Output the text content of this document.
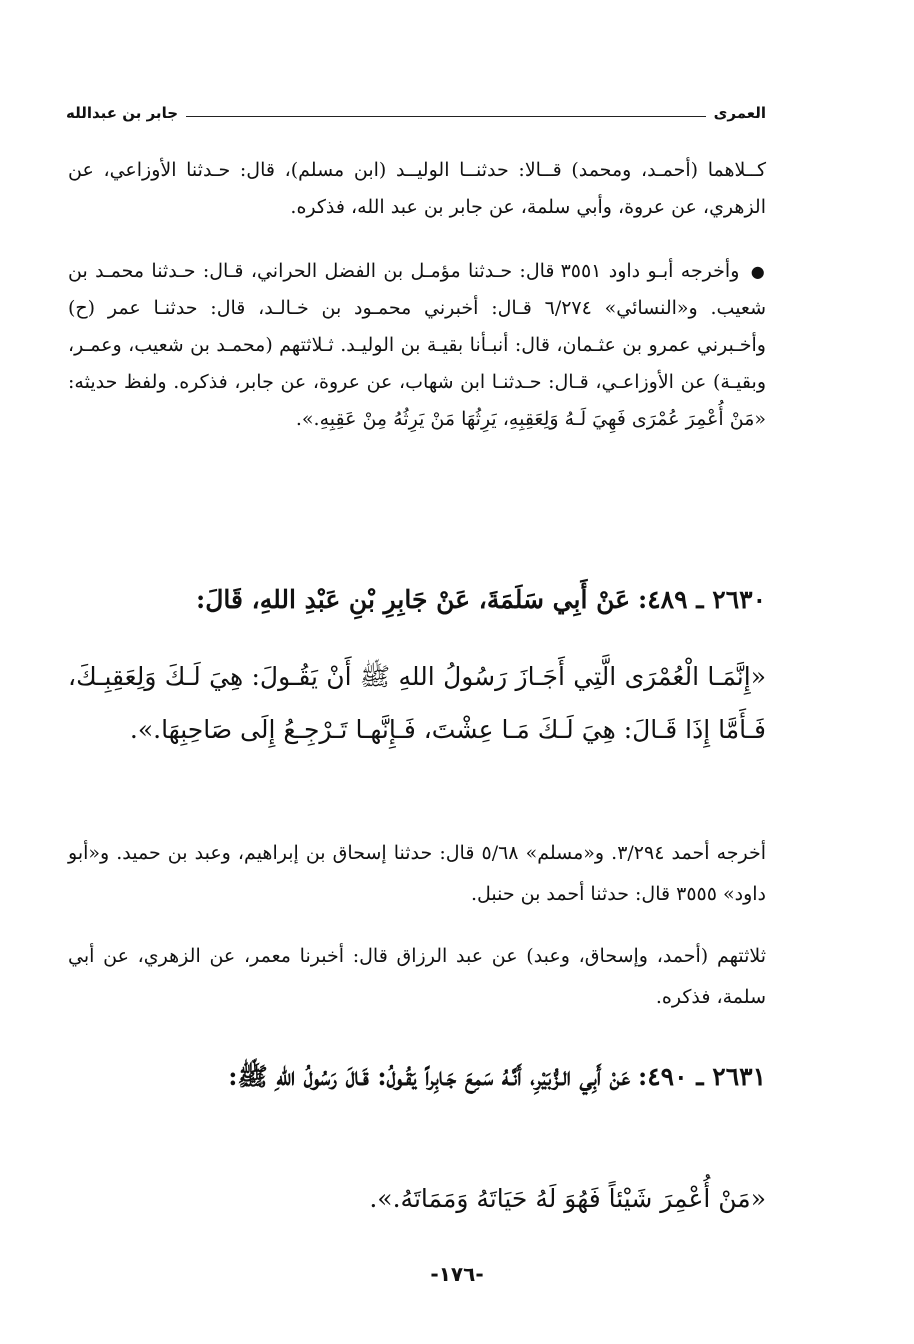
العمرى
جابر بن عبدالله
كــلاهما (أحمـد، ومحمد) قــالا: حدثنــا الوليــد (ابن مسلم)، قال: حـدثنا الأوزاعي، عن الزهري، عن عروة، وأبي سلمة، عن جابر بن عبد الله، فذكره.
● وأخرجه أبـو داود ٣٥٥١ قال: حـدثنا مؤمـل بن الفضل الحراني، قـال: حـدثنا محمـد بن شعيب. و«النسائي» ٦/٢٧٤ قـال: أخبرني محمـود بن خـالـد، قال: حدثنـا عمر (ح) وأخـبرني عمرو بن عثـمان، قال: أنبـأنا بقيـة بن الوليـد. ثـلاثتهم (محمـد بن شعيب، وعمـر، وبقيـة) عن الأوزاعـي، قـال: حـدثنـا ابن شهاب، عن عروة، عن جابر، فذكره. ولفظ حديثه: «مَنْ أُعْمِرَ عُمْرَى فَهِيَ لَـهُ وَلِعَقِبِهِ، يَرِثُهَا مَنْ يَرِثُهُ مِنْ عَقِبِهِ.».
٢٦٣٠ ـ ٤٨٩: عَنْ أَبِي سَلَمَةَ، عَنْ جَابِرِ بْنِ عَبْدِ اللهِ، قَالَ:
«إِنَّمَـا الْعُمْرَى الَّتِي أَجَـازَ رَسُولُ اللهِ ﷺ أَنْ يَقُـولَ: هِيَ لَـكَ وَلِعَقِبِـكَ، فَـأَمَّا إِذَا قَـالَ: هِيَ لَـكَ مَـا عِشْتَ، فَـإِنَّهـا تَـرْجِـعُ إِلَى صَاحِبِهَا.».
أخرجه أحمد ٣/٢٩٤. و«مسلم» ٥/٦٨ قال: حدثنا إسحاق بن إبراهيم، وعبد بن حميد. و«أبو داود» ٣٥٥٥ قال: حدثنا أحمد بن حنبل.
ثلاثتهم (أحمد، وإسحاق، وعبد) عن عبد الرزاق قال: أخبرنا معمر، عن الزهري، عن أبي سلمة، فذكره.
٢٦٣١ ـ ٤٩٠: عَنْ أَبِي الـزُّبَيْرِ، أَنَّـهُ سَمِعَ جَـابِراً يَقُـولُ: قَـالَ رَسُولُ اللهِ ﷺ:
«مَنْ أُعْمِرَ شَيْئاً فَهُوَ لَهُ حَيَاتَهُ وَمَمَاتَهُ.».
-١٧٦-
